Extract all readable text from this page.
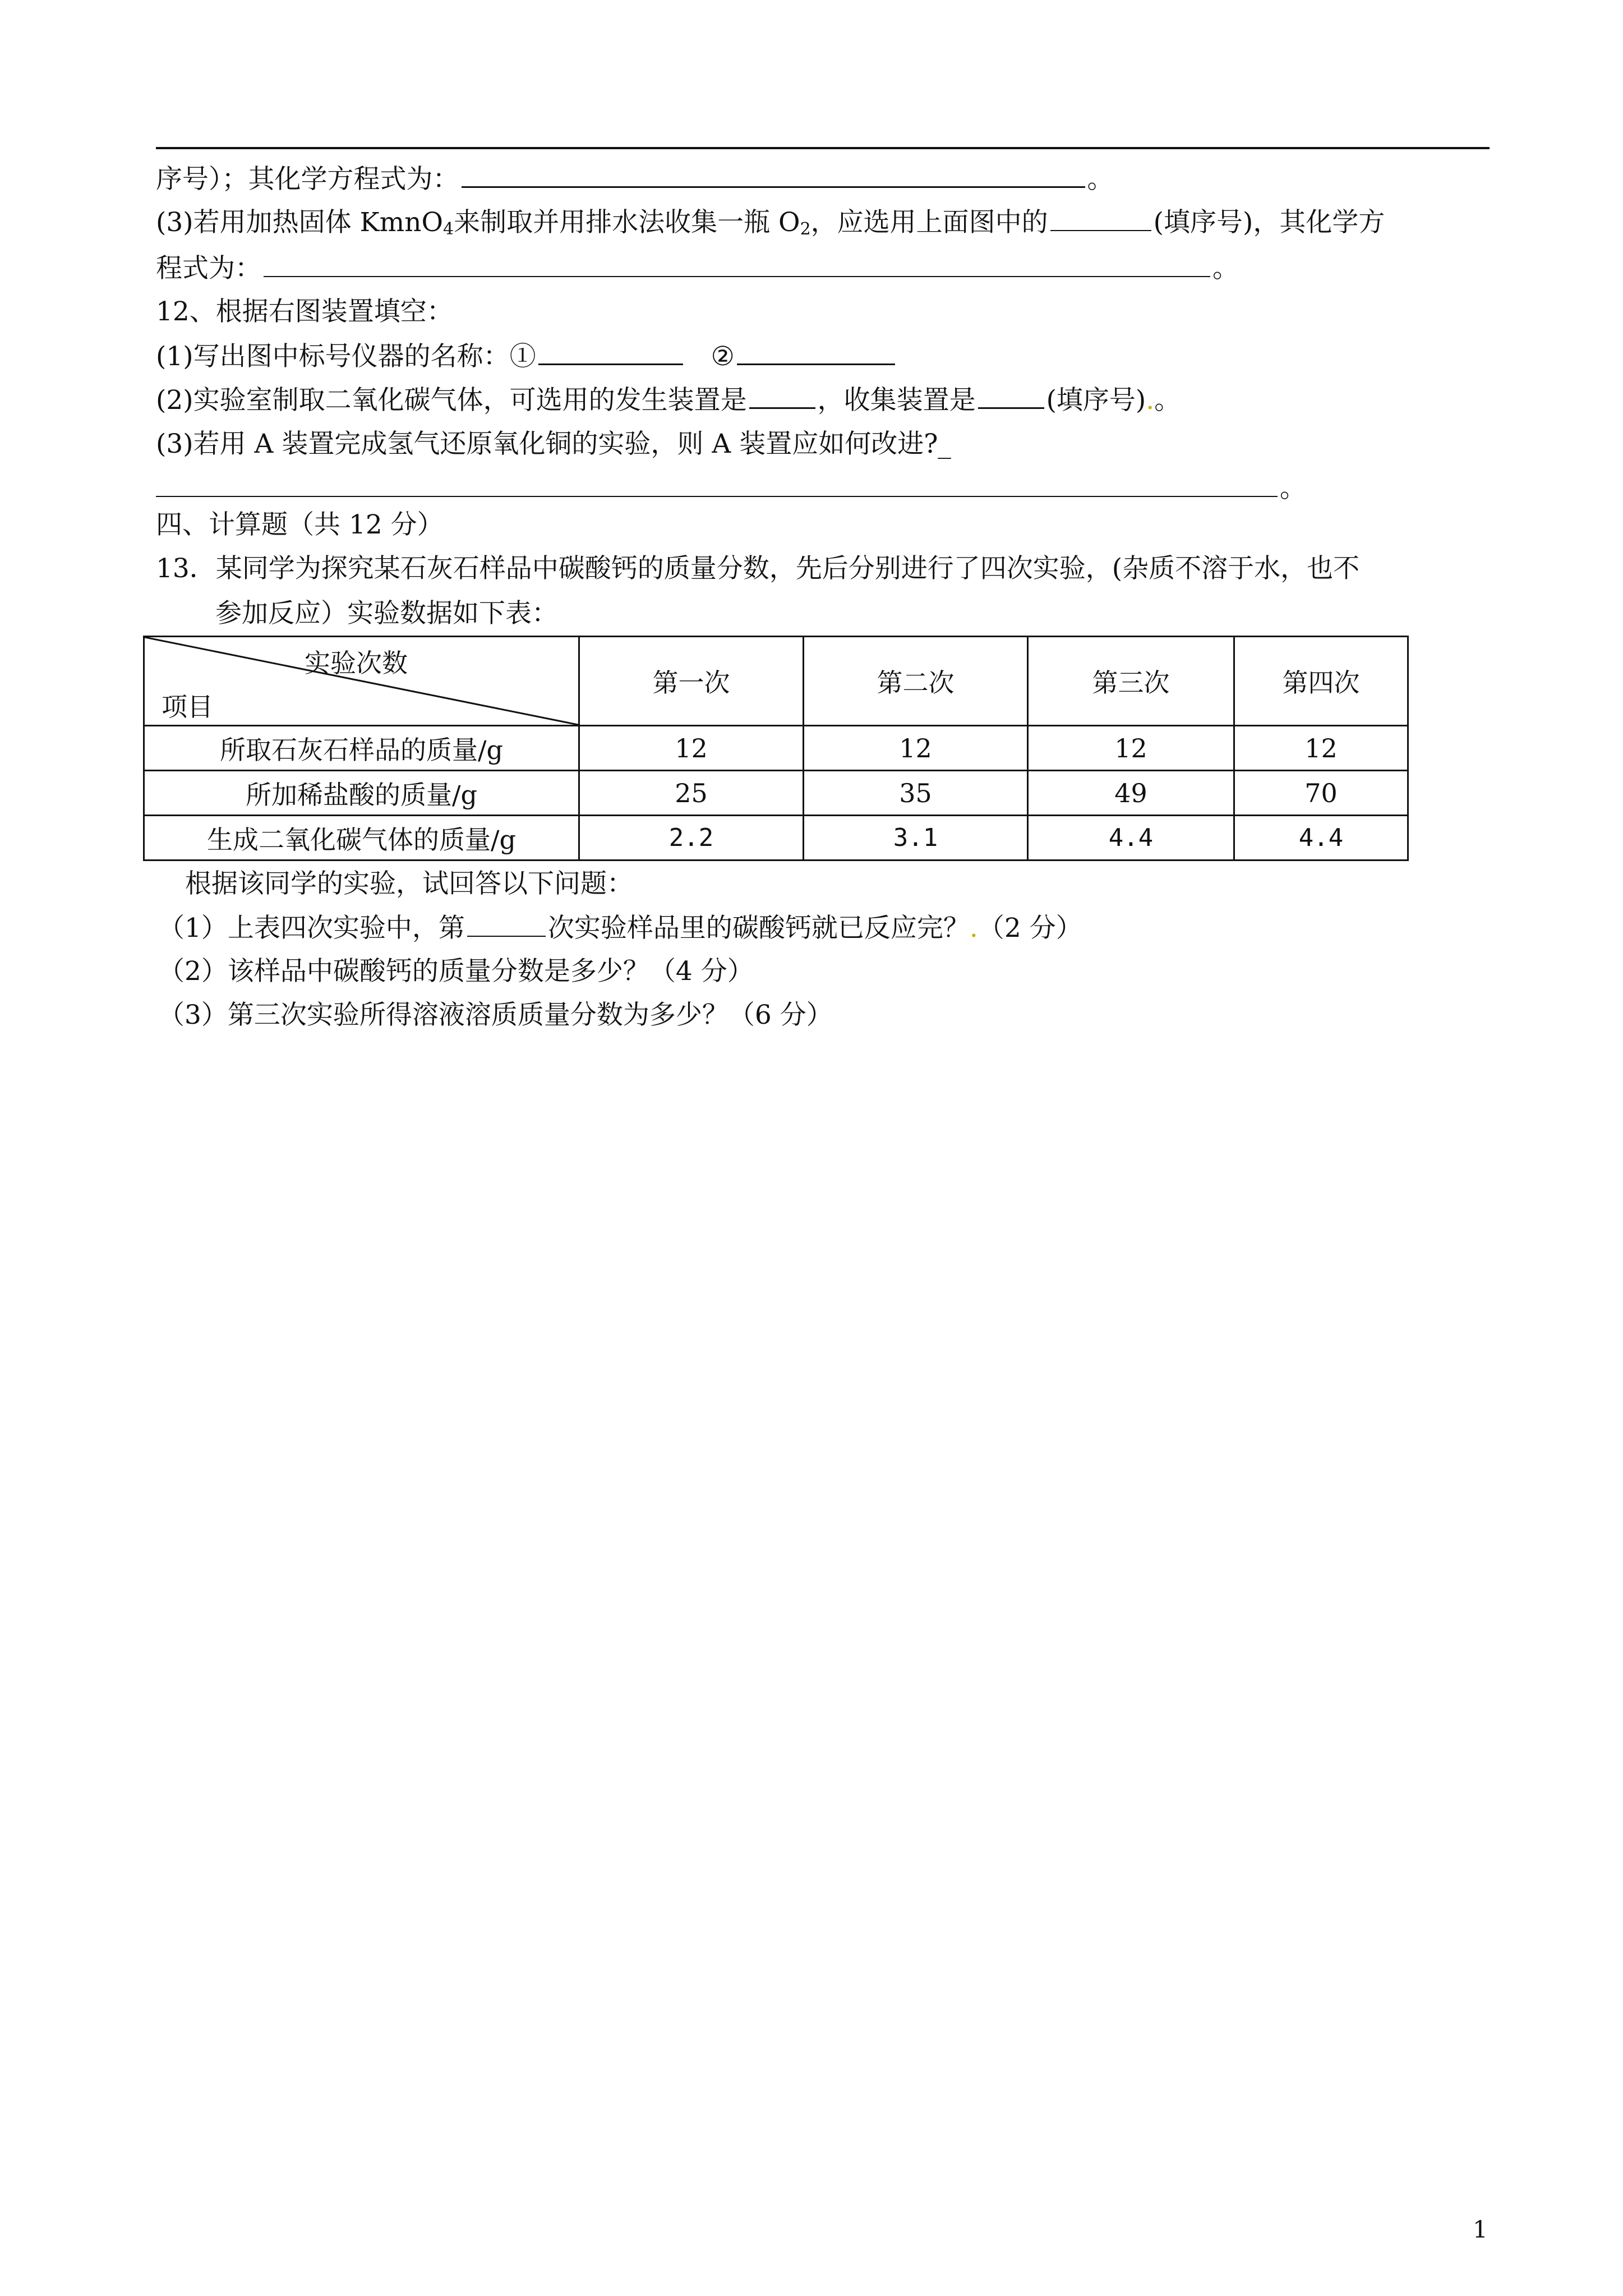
序号）；其化学方程式为：	。
(3)若用加热固体 KmnO$_4$来制取并用排水法收集一瓶 $O_2$，应选用上面图中的	(填序号)，其化学方
程式为：	。
12、根据右图装置填空：
(1)写出图中标号仪器的名称：①	②
(2)实验室制取二氧化碳气体，可选用的发生装置是	，收集装置是	(填序号).。
(3)若用 A 装置完成氢气还原氧化铜的实验，则 A 装置应如何改进?_
。
四、计算题（共 12 分）
13．某同学为探究某石灰石样品中碳酸钙的质量分数，先后分别进行了四次实验，(杂质不溶于水，也不
参加反应）实验数据如下表：
实验次数
项目	第一次	第二次	第三次	第四次
所取石灰石样品的质量/g	12	12	12	12
所加稀盐酸的质量/g	25	35	49	70
生成二氧化碳气体的质量/g	2.2	3.1	4.4	4.4
根据该同学的实验，试回答以下问题：
（1）上表四次实验中，第	次实验样品里的碳酸钙就已反应完？.（2 分）
（2）该样品中碳酸钙的质量分数是多少？（4 分）
（3）第三次实验所得溶液溶质质量分数为多少？（6 分）
1
